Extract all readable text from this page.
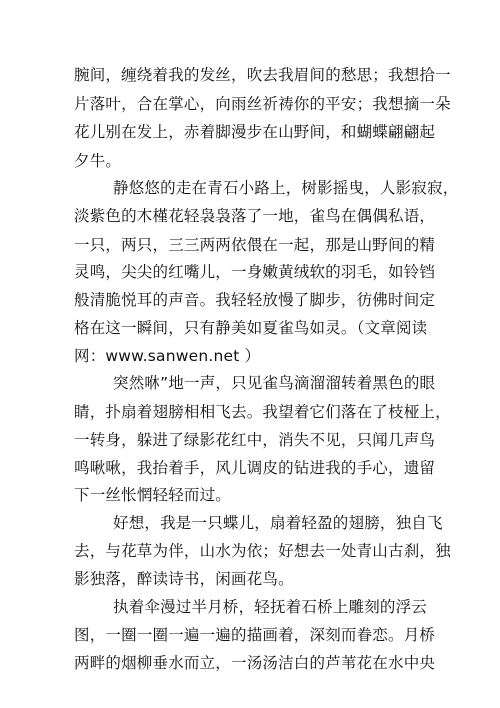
腕间，缠绕着我的发丝，吹去我眉间的愁思；我想拾一
片落叶，合在掌心，向雨丝祈祷你的平安；我想摘一朵
花儿别在发上，赤着脚漫步在山野间，和蝴蝶翩翩起
夕牛。
静悠悠的走在青石小路上，树影摇曳，人影寂寂，
淡紫色的木槿花轻袅袅落了一地，雀鸟在偶偶私语，
一只，两只，三三两两依偎在一起，那是山野间的精
灵鸣，尖尖的红嘴儿，一身嫩黄绒软的羽毛，如铃铛
般清脆悦耳的声音。我轻轻放慢了脚步，彷佛时间定
格在这一瞬间，只有静美如夏雀鸟如灵。（文章阅读
网：www.sanwen.net ）
突然咻”地一声，只见雀鸟滴溜溜转着黑色的眼
睛，扑扇着翅膀相相飞去。我望着它们落在了枝桠上，
一转身，躲进了绿影花红中，消失不见，只闻几声鸟
鸣啾啾，我抬着手，风儿调皮的钻进我的手心，遗留
下一丝怅惘轻轻而过。
好想，我是一只蝶儿，扇着轻盈的翅膀，独自飞
去，与花草为伴，山水为依；好想去一处青山古刹，独
影独落，醉读诗书，闲画花鸟。
执着伞漫过半月桥，轻抚着石桥上雕刻的浮云
图，一圈一圈一遍一遍的描画着，深刻而眷恋。月桥
两畔的烟柳垂水而立，一汤汤洁白的芦苇花在水中央
